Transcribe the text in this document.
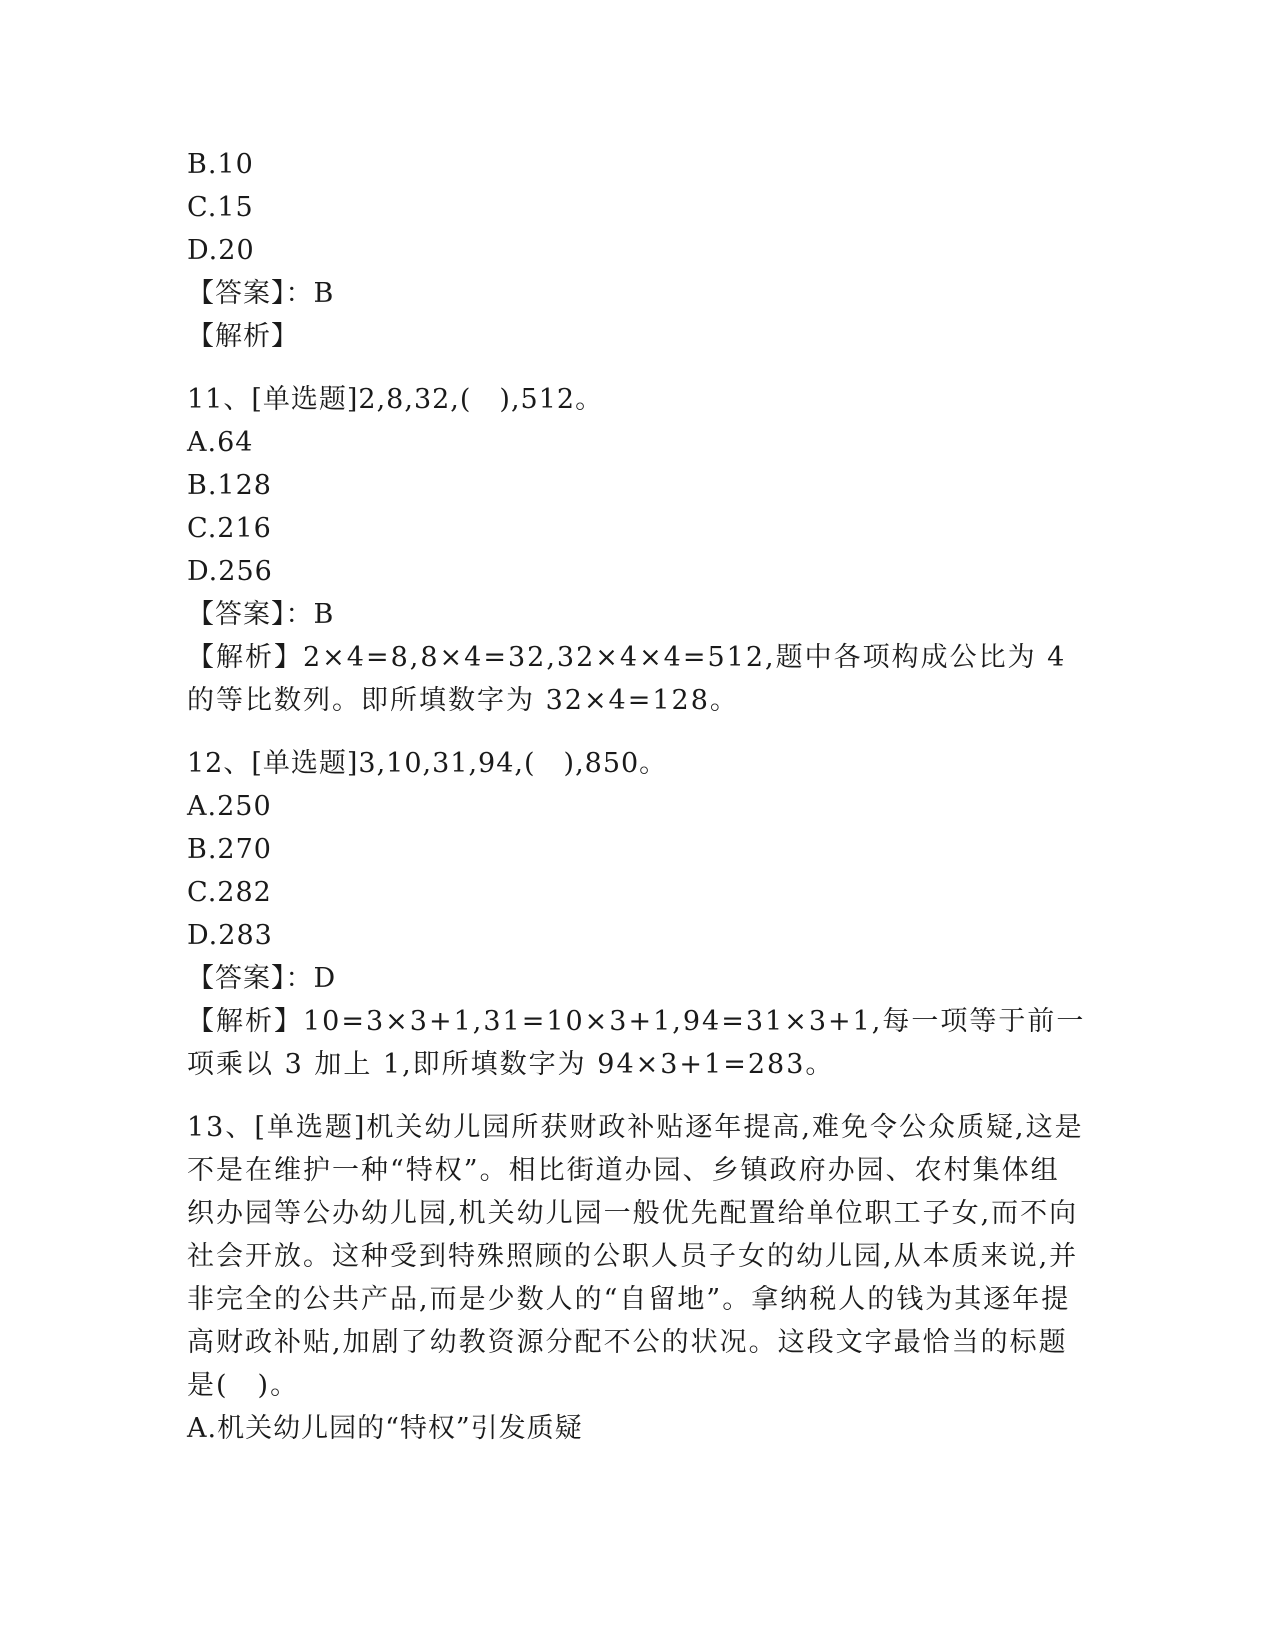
B.10
C.15
D.20
【答案】：B
【解析】
11、[单选题]2,8,32,(　),512。
A.64
B.128
C.216
D.256
【答案】：B
【解析】2×4=8,8×4=32,32×4×4=512,题中各项构成公比为 4 的等比数列。即所填数字为 32×4=128。
12、[单选题]3,10,31,94,(　),850。
A.250
B.270
C.282
D.283
【答案】：D
【解析】10=3×3+1,31=10×3+1,94=31×3+1,每一项等于前一项乘以 3 加上 1,即所填数字为 94×3+1=283。
13、[单选题]机关幼儿园所获财政补贴逐年提高,难免令公众质疑,这是不是在维护一种“特权”。相比街道办园、乡镇政府办园、农村集体组织办园等公办幼儿园,机关幼儿园一般优先配置给单位职工子女,而不向社会开放。这种受到特殊照顾的公职人员子女的幼儿园,从本质来说,并非完全的公共产品,而是少数人的“自留地”。拿纳税人的钱为其逐年提高财政补贴,加剧了幼教资源分配不公的状况。这段文字最恰当的标题是(　)。
A.机关幼儿园的“特权”引发质疑
